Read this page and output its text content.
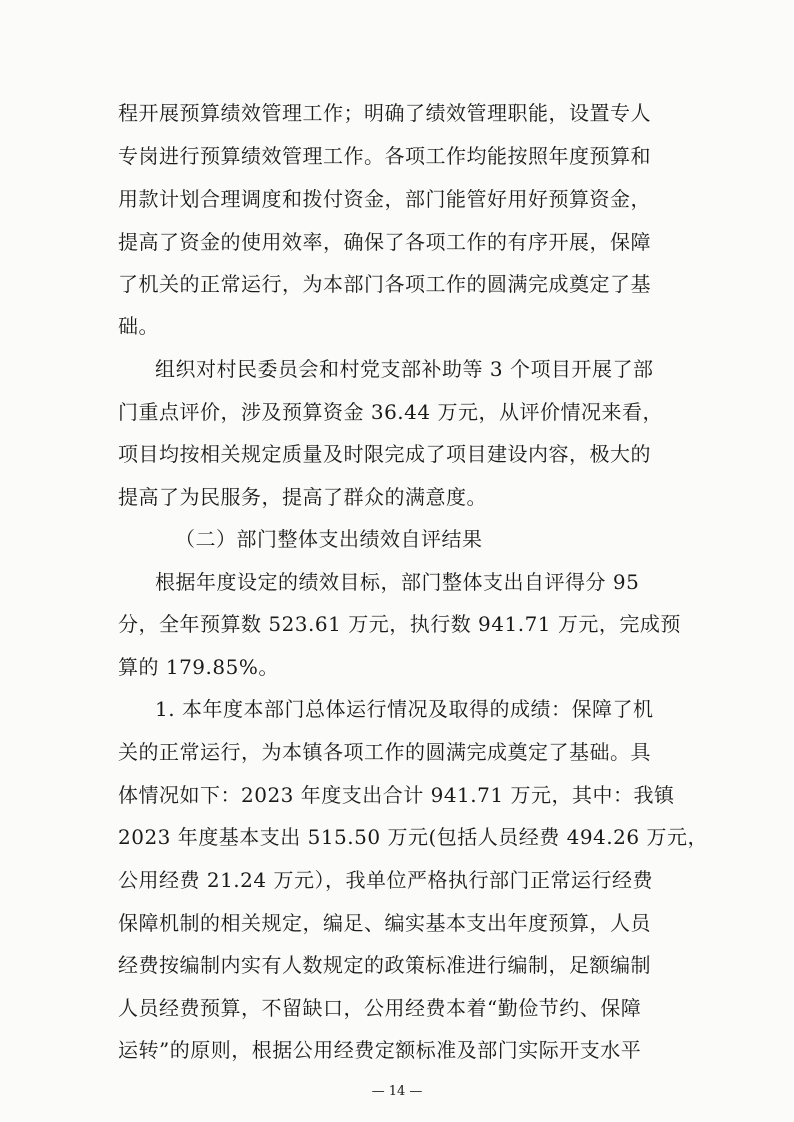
程开展预算绩效管理工作；明确了绩效管理职能，设置专人
专岗进行预算绩效管理工作。各项工作均能按照年度预算和
用款计划合理调度和拨付资金，部门能管好用好预算资金，
提高了资金的使用效率，确保了各项工作的有序开展，保障
了机关的正常运行，为本部门各项工作的圆满完成奠定了基
础。
组织对村民委员会和村党支部补助等 3 个项目开展了部
门重点评价，涉及预算资金 36.44 万元，从评价情况来看，
项目均按相关规定质量及时限完成了项目建设内容，极大的
提高了为民服务，提高了群众的满意度。
（二）部门整体支出绩效自评结果
根据年度设定的绩效目标，部门整体支出自评得分 95
分，全年预算数 523.61 万元，执行数 941.71 万元，完成预
算的 179.85%。
1. 本年度本部门总体运行情况及取得的成绩：保障了机
关的正常运行，为本镇各项工作的圆满完成奠定了基础。具
体情况如下：2023 年度支出合计 941.71 万元，其中：我镇
2023 年度基本支出 515.50 万元(包括人员经费 494.26 万元，
公用经费 21.24 万元），我单位严格执行部门正常运行经费
保障机制的相关规定，编足、编实基本支出年度预算，人员
经费按编制内实有人数规定的政策标准进行编制，足额编制
人员经费预算，不留缺口，公用经费本着“勤俭节约、保障
运转”的原则，根据公用经费定额标准及部门实际开支水平
— 14 —
